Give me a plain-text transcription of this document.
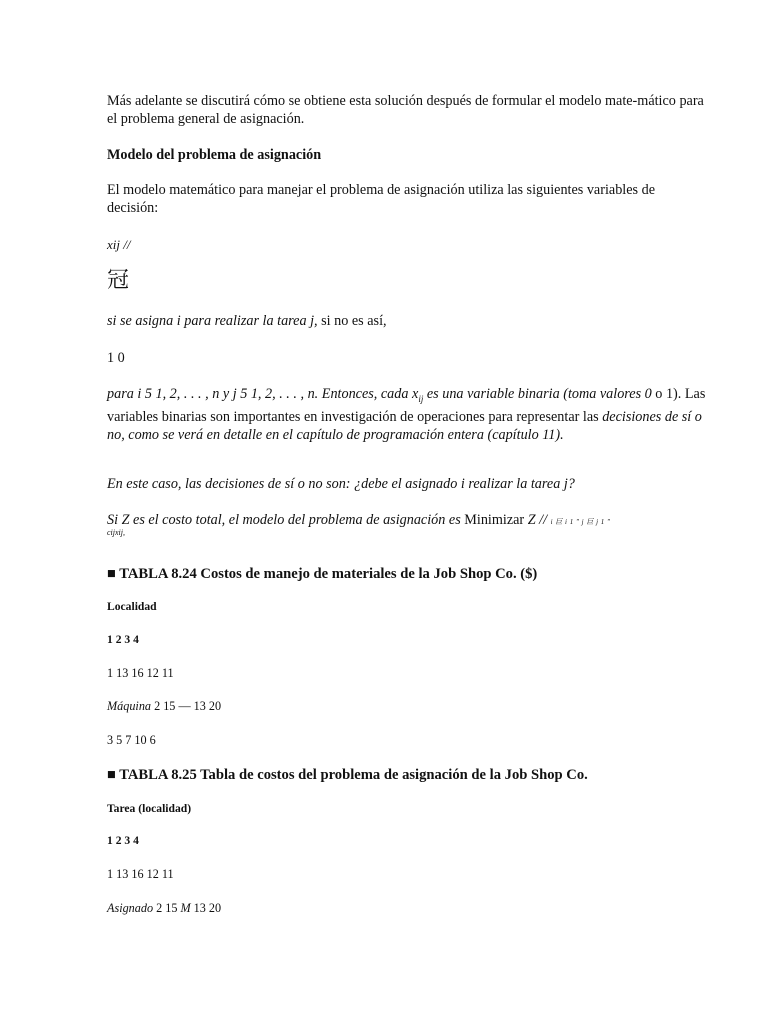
Más adelante se discutirá cómo se obtiene esta solución después de formular el modelo mate-mático para el problema general de asignación.

Modelo del problema de asignación

El modelo matemático para manejar el problema de asignación utiliza las siguientes variables de decisión:

xij //

冠

si se asigna i para realizar la tarea j, si no es así,

1 0

para i 5 1, 2, . . . , n y j 5 1, 2, . . . , n. Entonces, cada $x_{ij}$ es una variable binaria (toma valores 0 o 1). Las variables binarias son importantes en investigación de operaciones para representar las decisiones de sí o no, como se verá en detalle en el capítulo de programación entera (capítulo 11).

En este caso, las decisiones de sí o no son: ¿debe el asignado i realizar la tarea j?

Si Z es el costo total, el modelo del problema de asignación es Minimizar Z // i 巨 i 1 " j 巨 j 1 "

cijxij,

■ TABLA 8.24 Costos de manejo de materiales de la Job Shop Co. ($)

Localidad

1 2 3 4

1 13 16 12 11

Máquina 2 15 — 13 20

3 5 7 10 6

■ TABLA 8.25 Tabla de costos del problema de asignación de la Job Shop Co.

Tarea (localidad)

1 2 3 4

1 13 16 12 11

Asignado 2 15 M 13 20
